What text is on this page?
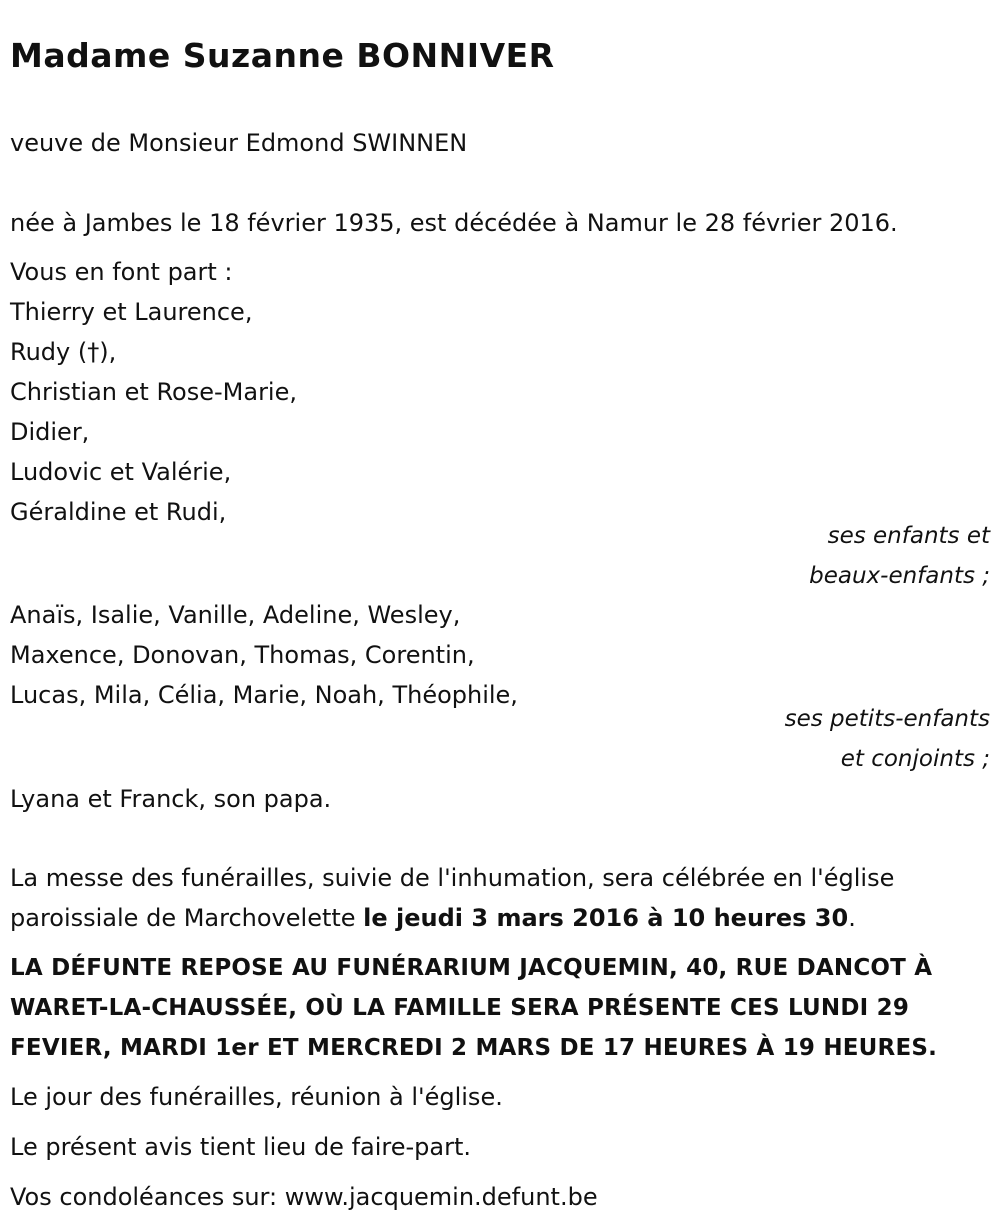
Madame Suzanne BONNIVER
veuve de Monsieur Edmond SWINNEN
née à Jambes le 18 février 1935, est décédée à Namur le 28 février 2016.
Vous en font part :
Thierry et Laurence,
Rudy (†),
Christian et Rose-Marie,
Didier,
Ludovic et Valérie,
Géraldine et Rudi,
ses enfants et
beaux-enfants ;
Anaïs, Isalie, Vanille, Adeline, Wesley,
Maxence, Donovan, Thomas, Corentin,
Lucas, Mila, Célia, Marie, Noah, Théophile,
ses petits-enfants
et conjoints ;
Lyana et Franck, son papa.
La messe des funérailles, suivie de l'inhumation, sera célébrée en l'église
paroissiale de Marchovelette le jeudi 3 mars 2016 à 10 heures 30.
LA DÉFUNTE REPOSE AU FUNÉRARIUM JACQUEMIN, 40, RUE DANCOT À WARET-LA-CHAUSSÉE, OÙ LA FAMILLE SERA PRÉSENTE CES LUNDI 29 FEVIER, MARDI 1er ET MERCREDI 2 MARS DE 17 HEURES À 19 HEURES.
Le jour des funérailles, réunion à l'église.
Le présent avis tient lieu de faire-part.
Vos condoléances sur: www.jacquemin.defunt.be
